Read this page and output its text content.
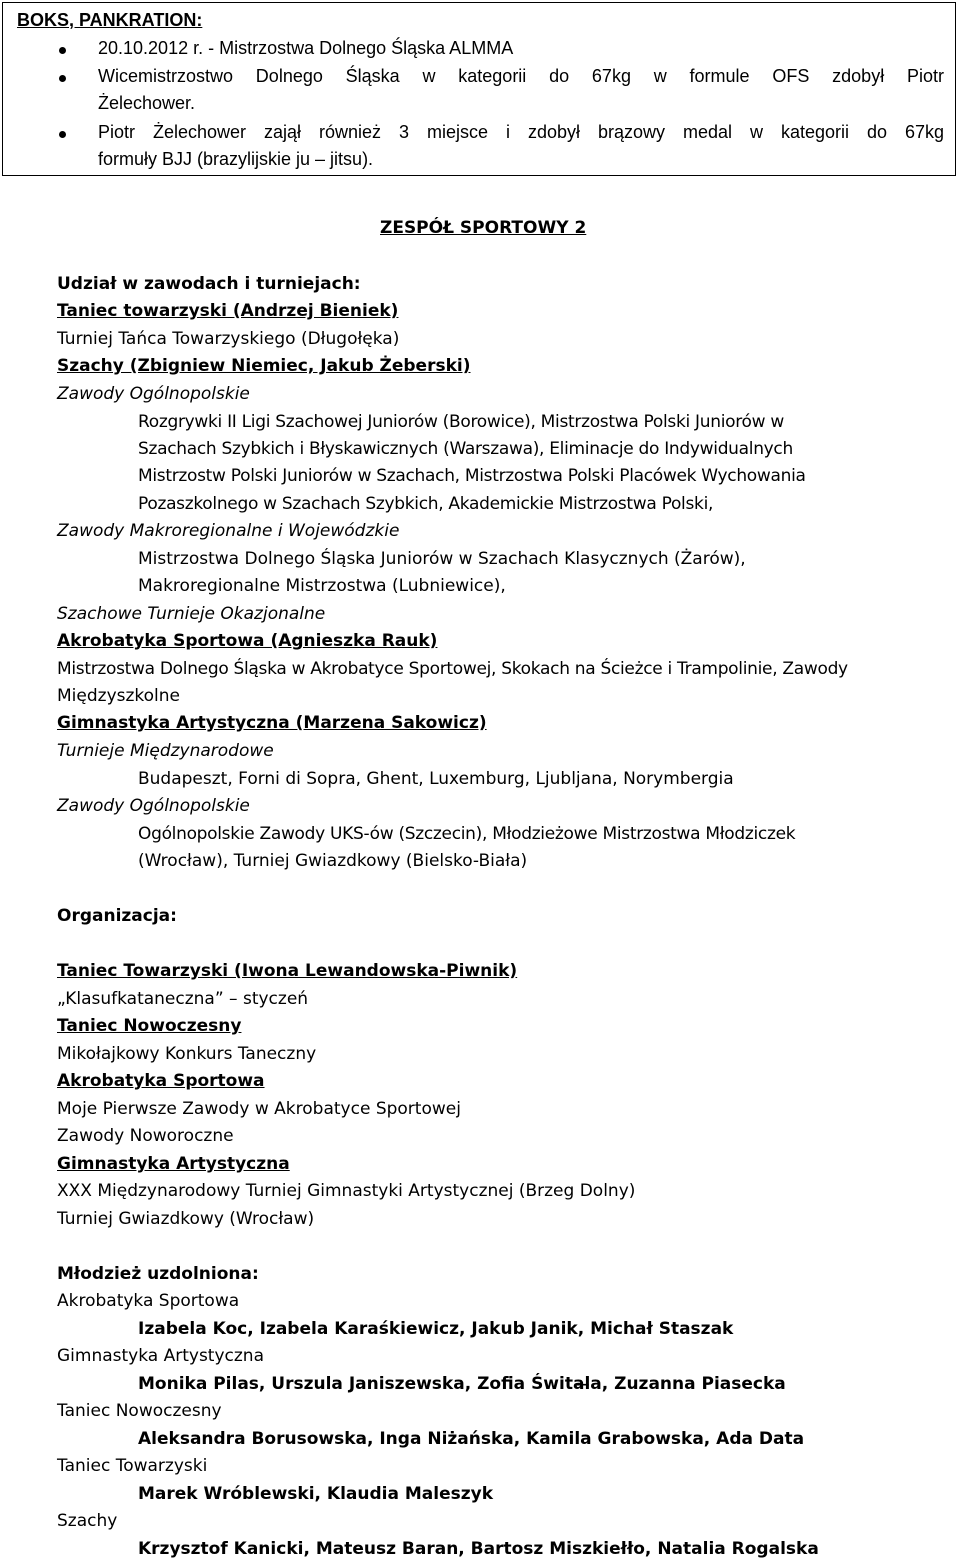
BOKS, PANKRATION:
20.10.2012 r. - Mistrzostwa Dolnego Śląska ALMMA
Wicemistrzostwo Dolnego Śląska w kategorii do 67kg w formule OFS zdobył Piotr
Żelechower.
Piotr Żelechower zajął również 3 miejsce i zdobył brązowy medal w kategorii do 67kg
formuły BJJ (brazylijskie ju – jitsu).
ZESPÓŁ SPORTOWY 2
Udział w zawodach i turniejach:
Taniec towarzyski (Andrzej Bieniek)
Turniej Tańca Towarzyskiego (Długołęka)
Szachy (Zbigniew Niemiec, Jakub Żeberski)
Zawody Ogólnopolskie
Rozgrywki II Ligi Szachowej Juniorów (Borowice), Mistrzostwa Polski Juniorów w
Szachach Szybkich i Błyskawicznych (Warszawa), Eliminacje do Indywidualnych
Mistrzostw Polski Juniorów w Szachach, Mistrzostwa Polski Placówek Wychowania
Pozaszkolnego w Szachach Szybkich, Akademickie Mistrzostwa Polski,
Zawody Makroregionalne i Wojewódzkie
Mistrzostwa Dolnego Śląska Juniorów w Szachach Klasycznych (Żarów),
Makroregionalne Mistrzostwa (Lubniewice),
Szachowe Turnieje Okazjonalne
Akrobatyka Sportowa (Agnieszka Rauk)
Mistrzostwa Dolnego Śląska w Akrobatyce Sportowej, Skokach na Ścieżce i Trampolinie, Zawody
Międzyszkolne
Gimnastyka Artystyczna (Marzena Sakowicz)
Turnieje Międzynarodowe
Budapeszt, Forni di Sopra, Ghent, Luxemburg, Ljubljana, Norymbergia
Zawody Ogólnopolskie
Ogólnopolskie Zawody UKS-ów (Szczecin), Młodzieżowe Mistrzostwa Młodziczek
(Wrocław), Turniej Gwiazdkowy (Bielsko-Biała)
Organizacja:
Taniec Towarzyski (Iwona Lewandowska-Piwnik)
„Klasufkataneczna” – styczeń
Taniec Nowoczesny
Mikołajkowy Konkurs Taneczny
Akrobatyka Sportowa
Moje Pierwsze Zawody w Akrobatyce Sportowej
Zawody Noworoczne
Gimnastyka Artystyczna
XXX Międzynarodowy Turniej Gimnastyki Artystycznej (Brzeg Dolny)
Turniej Gwiazdkowy (Wrocław)
Młodzież uzdolniona:
Akrobatyka Sportowa
Izabela Koc, Izabela Karaśkiewicz, Jakub Janik, Michał Staszak
Gimnastyka Artystyczna
Monika Pilas, Urszula Janiszewska, Zofia Śwital̶a, Zuzanna Piasecka
Taniec Nowoczesny
Aleksandra Borusowska, Inga Niżańska, Kamila Grabowska, Ada Data
Taniec Towarzyski
Marek Wróblewski, Klaudia Maleszyk
Szachy
Krzysztof Kanicki, Mateusz Baran, Bartosz Miszkiełło, Natalia Rogalska
